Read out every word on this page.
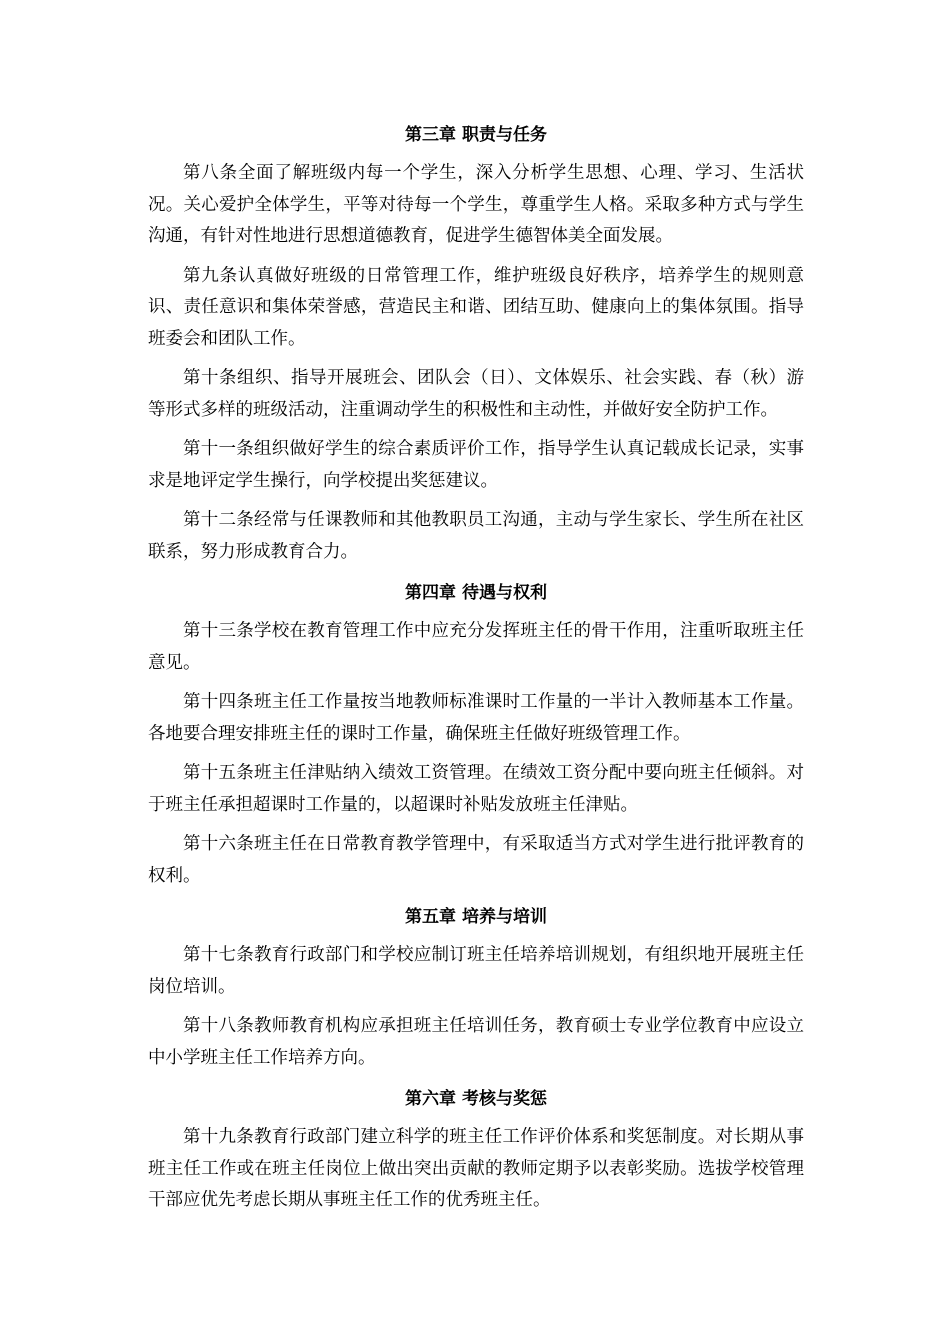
第三章 职责与任务

第八条全面了解班级内每一个学生，深入分析学生思想、心理、学习、生活状况。关心爱护全体学生，平等对待每一个学生，尊重学生人格。采取多种方式与学生沟通，有针对性地进行思想道德教育，促进学生德智体美全面发展。

第九条认真做好班级的日常管理工作，维护班级良好秩序，培养学生的规则意识、责任意识和集体荣誉感，营造民主和谐、团结互助、健康向上的集体氛围。指导班委会和团队工作。

第十条组织、指导开展班会、团队会（日）、文体娱乐、社会实践、春（秋）游等形式多样的班级活动，注重调动学生的积极性和主动性，并做好安全防护工作。

第十一条组织做好学生的综合素质评价工作，指导学生认真记载成长记录，实事求是地评定学生操行，向学校提出奖惩建议。

第十二条经常与任课教师和其他教职员工沟通，主动与学生家长、学生所在社区联系，努力形成教育合力。

第四章 待遇与权利

第十三条学校在教育管理工作中应充分发挥班主任的骨干作用，注重听取班主任意见。

第十四条班主任工作量按当地教师标准课时工作量的一半计入教师基本工作量。各地要合理安排班主任的课时工作量，确保班主任做好班级管理工作。

第十五条班主任津贴纳入绩效工资管理。在绩效工资分配中要向班主任倾斜。对于班主任承担超课时工作量的，以超课时补贴发放班主任津贴。

第十六条班主任在日常教育教学管理中，有采取适当方式对学生进行批评教育的权利。

第五章 培养与培训

第十七条教育行政部门和学校应制订班主任培养培训规划，有组织地开展班主任岗位培训。

第十八条教师教育机构应承担班主任培训任务，教育硕士专业学位教育中应设立中小学班主任工作培养方向。

第六章 考核与奖惩

第十九条教育行政部门建立科学的班主任工作评价体系和奖惩制度。对长期从事班主任工作或在班主任岗位上做出突出贡献的教师定期予以表彰奖励。选拔学校管理干部应优先考虑长期从事班主任工作的优秀班主任。
